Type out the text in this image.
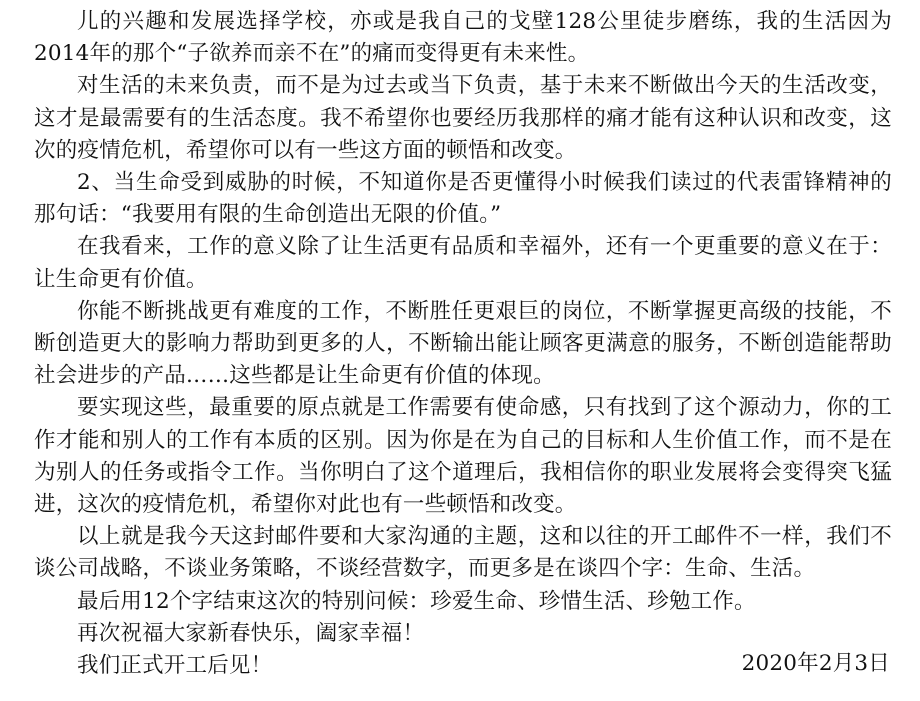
儿的兴趣和发展选择学校，亦或是我自己的戈壁128公里徒步磨练，我的生活因为2014年的那个“子欲养而亲不在”的痛而变得更有未来性。

对生活的未来负责，而不是为过去或当下负责，基于未来不断做出今天的生活改变，这才是最需要有的生活态度。我不希望你也要经历我那样的痛才能有这种认识和改变，这次的疫情危机，希望你可以有一些这方面的顿悟和改变。

2、当生命受到威胁的时候，不知道你是否更懂得小时候我们读过的代表雷锋精神的那句话：“我要用有限的生命创造出无限的价值。”

在我看来，工作的意义除了让生活更有品质和幸福外，还有一个更重要的意义在于：让生命更有价值。

你能不断挑战更有难度的工作，不断胜任更艰巨的岗位，不断掌握更高级的技能，不断创造更大的影响力帮助到更多的人，不断输出能让顾客更满意的服务，不断创造能帮助社会进步的产品……这些都是让生命更有价值的体现。

要实现这些，最重要的原点就是工作需要有使命感，只有找到了这个源动力，你的工作才能和别人的工作有本质的区别。因为你是在为自己的目标和人生价值工作，而不是在为别人的任务或指令工作。当你明白了这个道理后，我相信你的职业发展将会变得突飞猛进，这次的疫情危机，希望你对此也有一些顿悟和改变。

以上就是我今天这封邮件要和大家沟通的主题，这和以往的开工邮件不一样，我们不谈公司战略，不谈业务策略，不谈经营数字，而更多是在谈四个字：生命、生活。

最后用12个字结束这次的特别问候：珍爱生命、珍惜生活、珍勉工作。

再次祝福大家新春快乐，阖家幸福！

我们正式开工后见！	2020年2月3日
